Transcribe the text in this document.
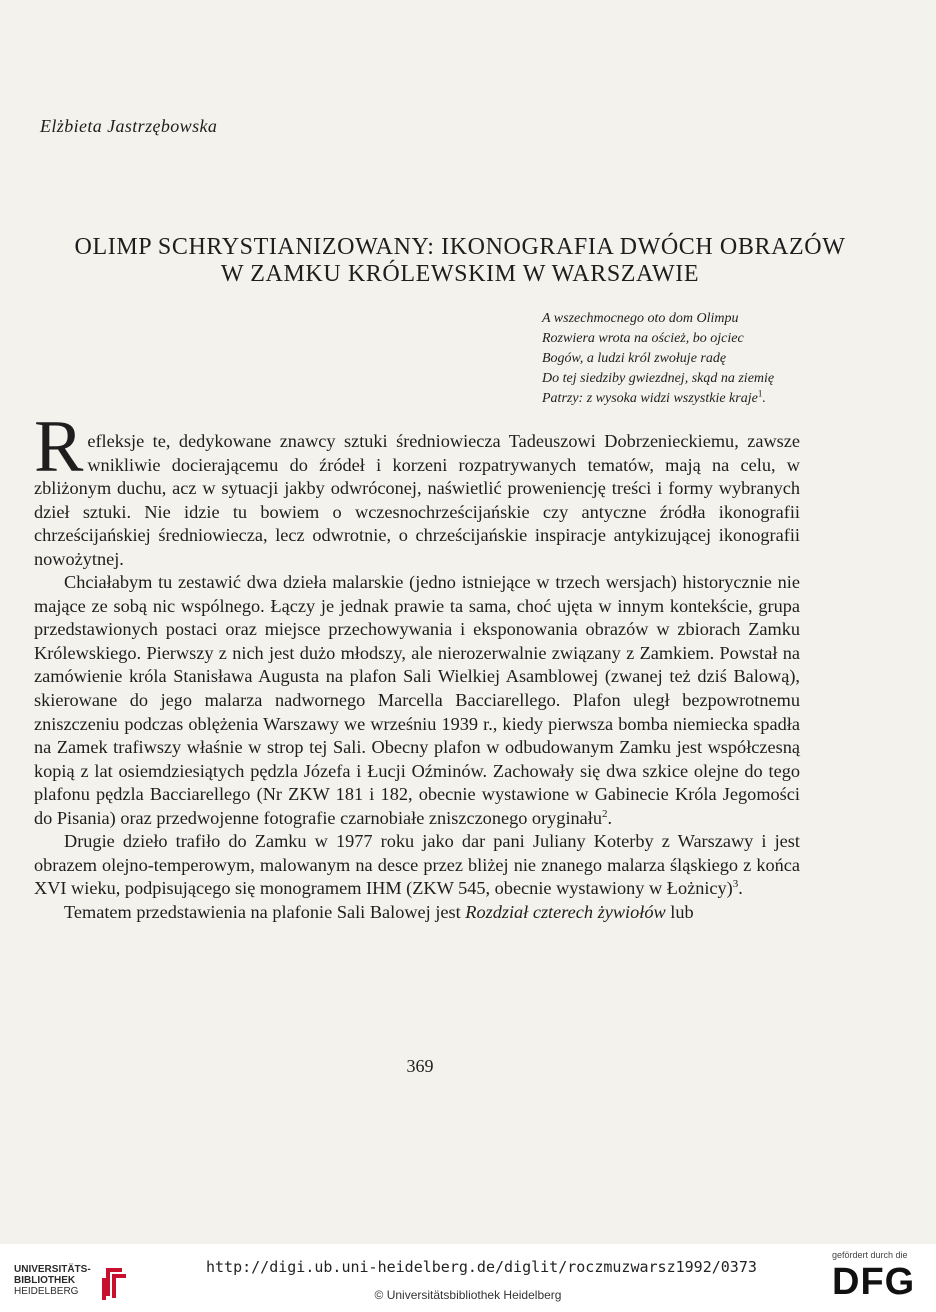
Elżbieta Jastrzębowska
OLIMP SCHRYSTIANIZOWANY: IKONOGRAFIA DWÓCH OBRAZÓW
W ZAMKU KRÓLEWSKIM W WARSZAWIE
A wszechmocnego oto dom Olimpu
Rozwiera wrota na oścież, bo ojciec
Bogów, a ludzi król zwołuje radę
Do tej siedziby gwiezdnej, skąd na ziemię
Patrzy: z wysoka widzi wszystkie kraje$^1$.

R efleksje te, dedykowane znawcy sztuki średniowiecza Tadeuszowi Dobrzenieckiemu, zawsze wnikliwie docierającemu do źródeł i korzeni rozpatrywanych tematów, mają na celu, w zbliżonym duchu, acz w sytuacji jakby odwróconej, naświetlić proweniencję treści i formy wybranych dzieł sztuki. Nie idzie tu bowiem o wczesnochrześcijańskie czy antyczne źródła ikonografii chrześcijańskiej średniowiecza, lecz odwrotnie, o chrześcijańskie inspiracje antykizującej ikonografii nowożytnej.

Chciałabym tu zestawić dwa dzieła malarskie (jedno istniejące w trzech wersjach) historycznie nie mające ze sobą nic wspólnego. Łączy je jednak prawie ta sama, choć ujęta w innym kontekście, grupa przedstawionych postaci oraz miejsce przechowywania i eksponowania obrazów w zbiorach Zamku Królewskiego. Pierwszy z nich jest dużo młodszy, ale nierozerwalnie związany z Zamkiem. Powstał na zamówienie króla Stanisława Augusta na plafon Sali Wielkiej Asamblowej (zwanej też dziś Balową), skierowane do jego malarza nadwornego Marcella Bacciarellego. Plafon uległ bezpowrotnemu zniszczeniu podczas oblężenia Warszawy we wrześniu 1939 r., kiedy pierwsza bomba niemiecka spadła na Zamek trafiwszy właśnie w strop tej Sali. Obecny plafon w odbudowanym Zamku jest współczesną kopią z lat osiemdziesiątych pędzla Józefa i Łucji Oźminów. Zachowały się dwa szkice olejne do tego plafonu pędzla Bacciarellego (Nr ZKW 181 i 182, obecnie wystawione w Gabinecie Króla Jegomości do Pisania) oraz przedwojenne fotografie czarnobiałe zniszczonego oryginału$^2$.

Drugie dzieło trafiło do Zamku w 1977 roku jako dar pani Juliany Koterby z Warszawy i jest obrazem olejno-temperowym, malowanym na desce przez bliżej nie znanego malarza śląskiego z końca XVI wieku, podpisującego się monogramem IHM (ZKW 545, obecnie wystawiony w Łożnicy)$^3$.

Tematem przedstawienia na plafonie Sali Balowej jest Rozdział czterech żywiołów lub

369
UNIVERSITÄTS-
BIBLIOTHEK
HEIDELBERG
http://digi.ub.uni-heidelberg.de/diglit/roczmuzwarsz1992/0373
© Universitätsbibliothek Heidelberg
gefördert durch die
DFG
